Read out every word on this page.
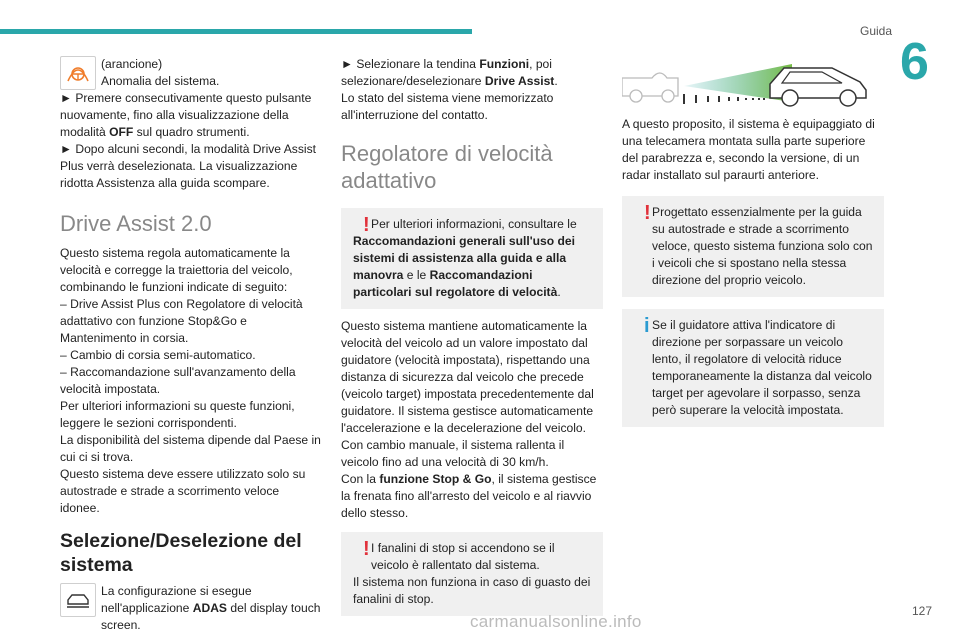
Guida
6

(arancione)

Anomalia del sistema.

► Premere consecutivamente questo pulsante nuovamente, fino alla visualizzazione della modalità OFF sul quadro strumenti.

► Dopo alcuni secondi, la modalità Drive Assist Plus verrà deselezionata. La visualizzazione ridotta Assistenza alla guida scompare.

Drive Assist 2.0

Questo sistema regola automaticamente la velocità e corregge la traiettoria del veicolo, combinando le funzioni indicate di seguito:

– Drive Assist Plus con Regolatore di velocità adattativo con funzione Stop&Go e Mantenimento in corsia.

– Cambio di corsia semi-automatico.

– Raccomandazione sull'avanzamento della velocità impostata.

Per ulteriori informazioni su queste funzioni, leggere le sezioni corrispondenti.

La disponibilità del sistema dipende dal Paese in cui ci si trova.

Questo sistema deve essere utilizzato solo su autostrade e strade a scorrimento veloce idonee.

Selezione/Deselezione del sistema

La configurazione si esegue nell'applicazione ADAS del display touch screen.

► Selezionare la tendina Funzioni, poi selezionare/deselezionare Drive Assist.

Lo stato del sistema viene memorizzato all'interruzione del contatto.

Regolatore di velocità adattativo
! Per ulteriori informazioni, consultare le
Raccomandazioni generali sull'uso dei sistemi di assistenza alla guida e alla manovra e le Raccomandazioni particolari sul regolatore di velocità.

Questo sistema mantiene automaticamente la velocità del veicolo ad un valore impostato dal guidatore (velocità impostata), rispettando una distanza di sicurezza dal veicolo che precede (veicolo target) impostata precedentemente dal guidatore. Il sistema gestisce automaticamente l'accelerazione e la decelerazione del veicolo.

Con cambio manuale, il sistema rallenta il veicolo fino ad una velocità di 30 km/h.

Con la funzione Stop & Go, il sistema gestisce la frenata fino all'arresto del veicolo e al riavvio dello stesso.

! I fanalini di stop si accendono se il veicolo è rallentato dal sistema.
Il sistema non funziona in caso di guasto dei fanalini di stop.

A questo proposito, il sistema è equipaggiato di una telecamera montata sulla parte superiore del parabrezza e, secondo la versione, di un radar installato sul paraurti anteriore.

! Progettato essenzialmente per la guida su autostrade e strade a scorrimento veloce, questo sistema funziona solo con i veicoli che si spostano nella stessa direzione del proprio veicolo.

i Se il guidatore attiva l'indicatore di direzione per sorpassare un veicolo lento, il regolatore di velocità riduce temporaneamente la distanza dal veicolo target per agevolare il sorpasso, senza però superare la velocità impostata.

127
carmanualsonline.info
